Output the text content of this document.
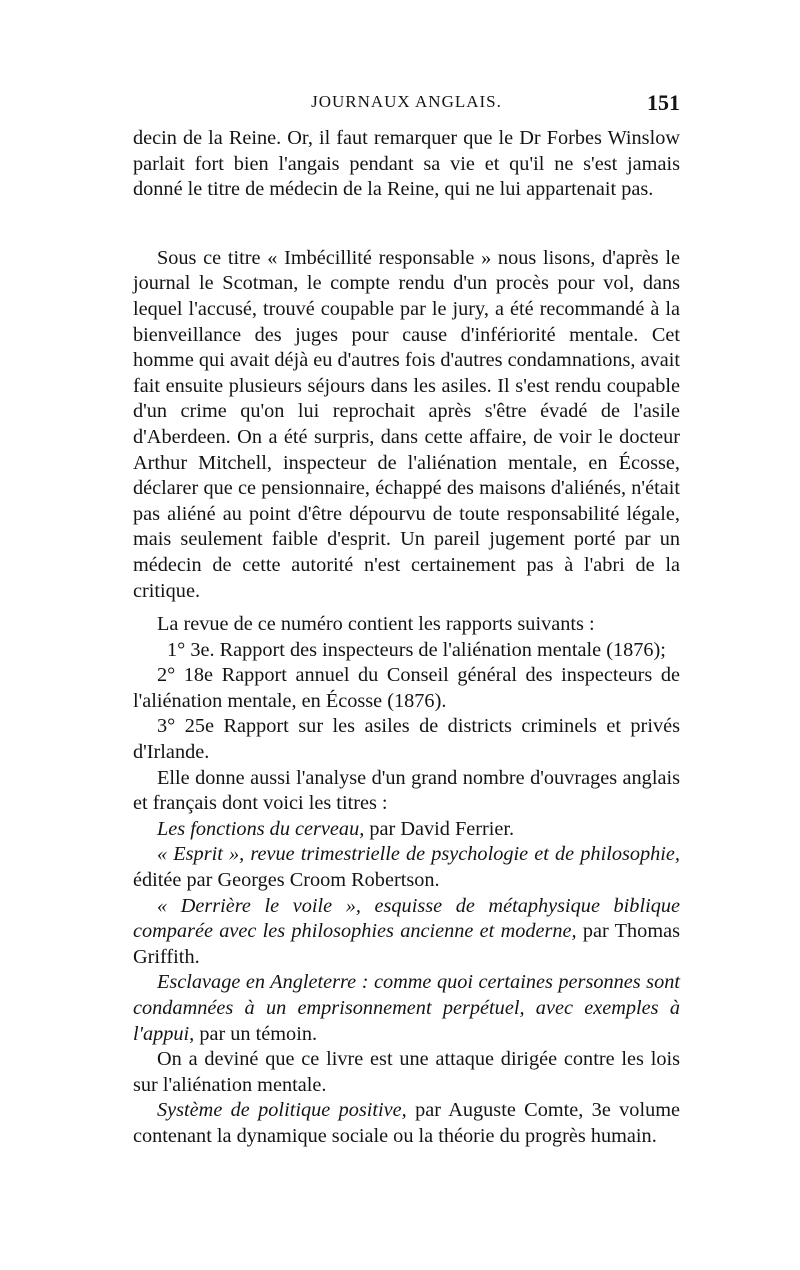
JOURNAUX ANGLAIS.	151

decin de la Reine. Or, il faut remarquer que le Dr Forbes Winslow parlait fort bien l'angais pendant sa vie et qu'il ne s'est jamais donné le titre de médecin de la Reine, qui ne lui appartenait pas.

Sous ce titre « Imbécillité responsable » nous lisons, d'après le journal le Scotman, le compte rendu d'un procès pour vol, dans lequel l'accusé, trouvé coupable par le jury, a été recommandé à la bienveillance des juges pour cause d'infériorité mentale. Cet homme qui avait déjà eu d'autres fois d'autres condamnations, avait fait ensuite plusieurs séjours dans les asiles. Il s'est rendu coupable d'un crime qu'on lui reprochait après s'être évadé de l'asile d'Aberdeen. On a été surpris, dans cette affaire, de voir le docteur Arthur Mitchell, inspecteur de l'aliénation mentale, en Écosse, déclarer que ce pensionnaire, échappé des maisons d'aliénés, n'était pas aliéné au point d'être dépourvu de toute responsabilité légale, mais seulement faible d'esprit. Un pareil jugement porté par un médecin de cette autorité n'est certainement pas à l'abri de la critique.

La revue de ce numéro contient les rapports suivants :

1° 3e. Rapport des inspecteurs de l'aliénation mentale (1876);

2° 18e Rapport annuel du Conseil général des inspecteurs de l'aliénation mentale, en Écosse (1876).

3° 25e Rapport sur les asiles de districts criminels et privés d'Irlande.

Elle donne aussi l'analyse d'un grand nombre d'ouvrages anglais et français dont voici les titres :

Les fonctions du cerveau, par David Ferrier.

« Esprit », revue trimestrielle de psychologie et de philosophie, éditée par Georges Croom Robertson.

« Derrière le voile », esquisse de métaphysique biblique comparée avec les philosophies ancienne et moderne, par Thomas Griffith.

Esclavage en Angleterre : comme quoi certaines personnes sont condamnées à un emprisonnement perpétuel, avec exemples à l'appui, par un témoin.

On a deviné que ce livre est une attaque dirigée contre les lois sur l'aliénation mentale.

Système de politique positive, par Auguste Comte, 3e volume contenant la dynamique sociale ou la théorie du progrès humain.
